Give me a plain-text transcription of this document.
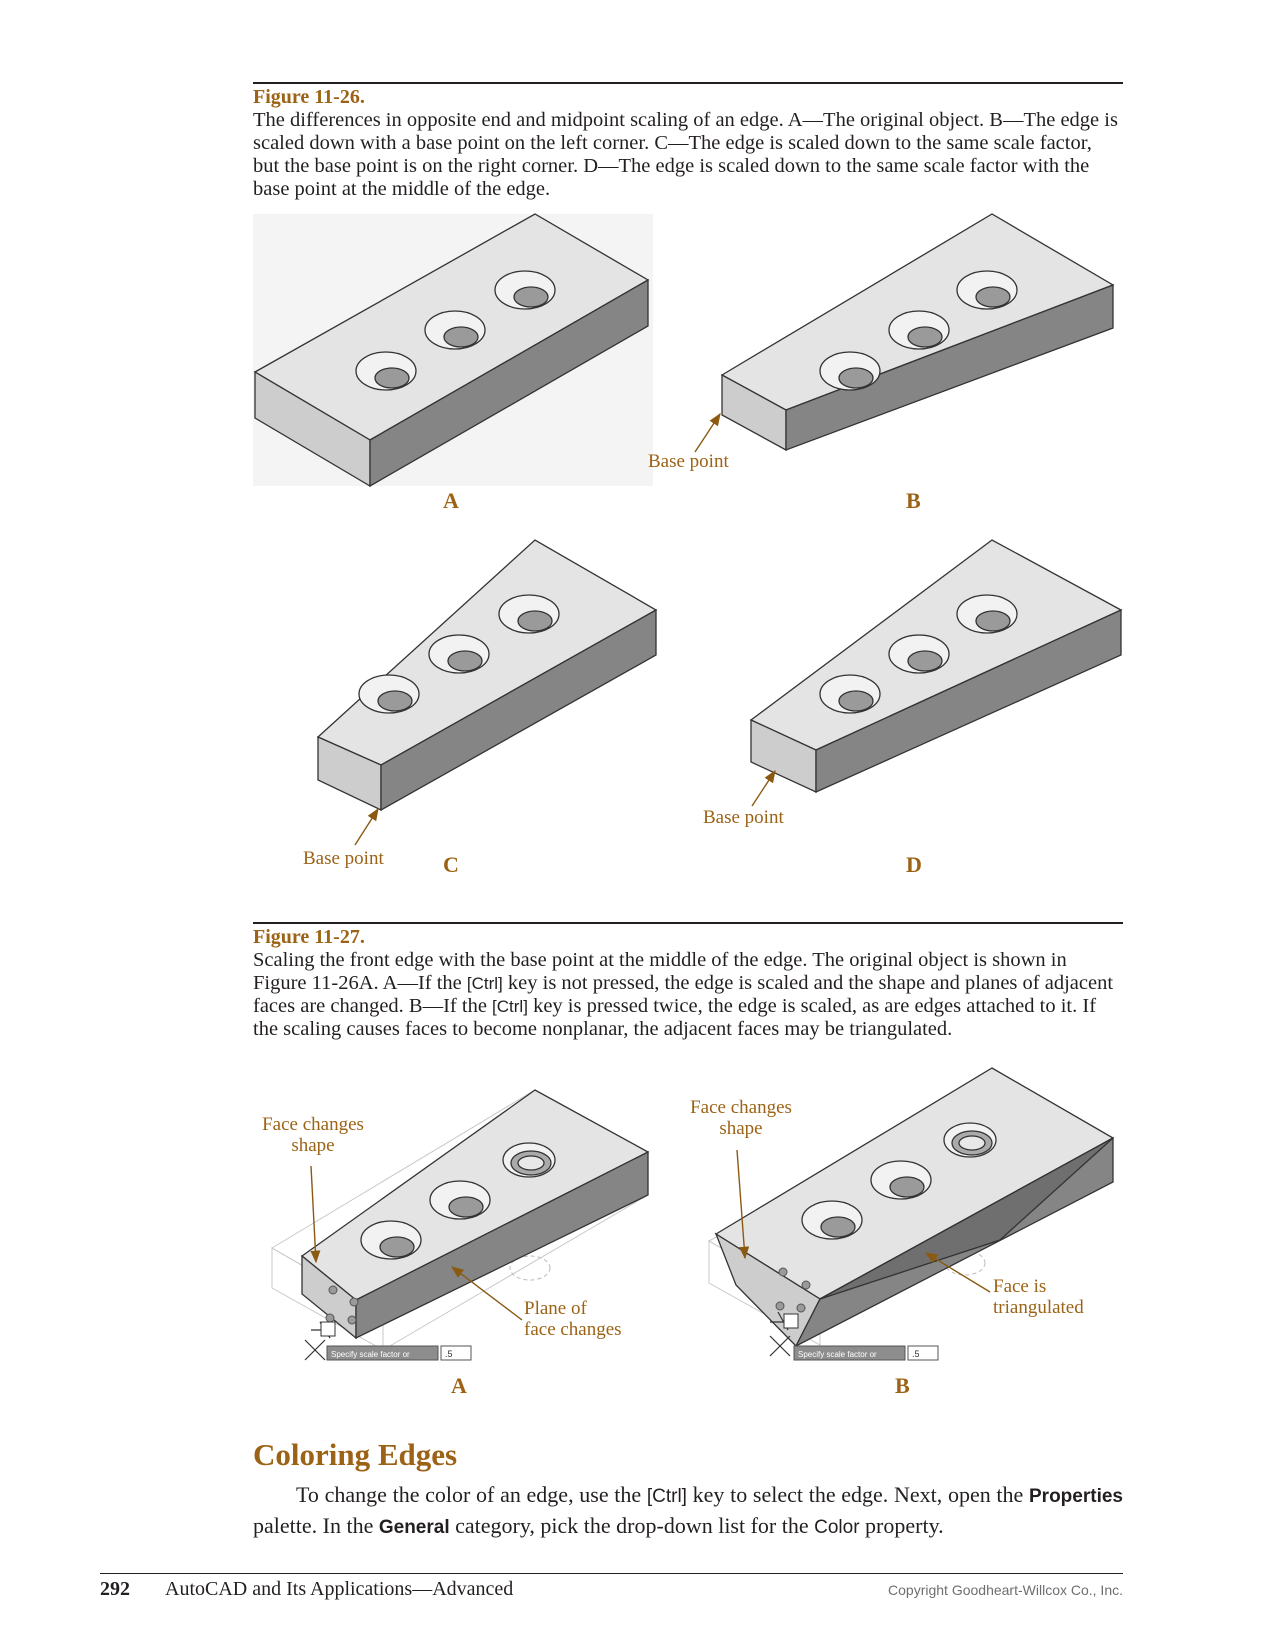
Figure 11-26.

The differences in opposite end and midpoint scaling of an edge. A—The original object. B—The edge is scaled down with a base point on the left corner. C—The edge is scaled down to the same scale factor, but the base point is on the right corner. D—The edge is scaled down to the same scale factor with the base point at the middle of the edge.

Base point
Base point
Base point
A	B
C	D
Specify scale factor or	.5	Specify scale factor or	.5
Face changes
shape
Plane of
face changes
Face changes
shape
Face is
triangulated
A	B
Figure 11-27.

Scaling the front edge with the base point at the middle of the edge. The original object is shown in Figure 11-26A. A—If the [Ctrl] key is not pressed, the edge is scaled and the shape and planes of adjacent faces are changed. B—If the [Ctrl] key is pressed twice, the edge is scaled, as are edges attached to it. If the scaling causes faces to become nonplanar, the adjacent faces may be triangulated.

Coloring Edges

To change the color of an edge, use the [Ctrl] key to select the edge. Next, open the Properties palette. In the General category, pick the drop-down list for the Color property.

292 AutoCAD and Its Applications—Advanced	Copyright Goodheart-Willcox Co., Inc.
